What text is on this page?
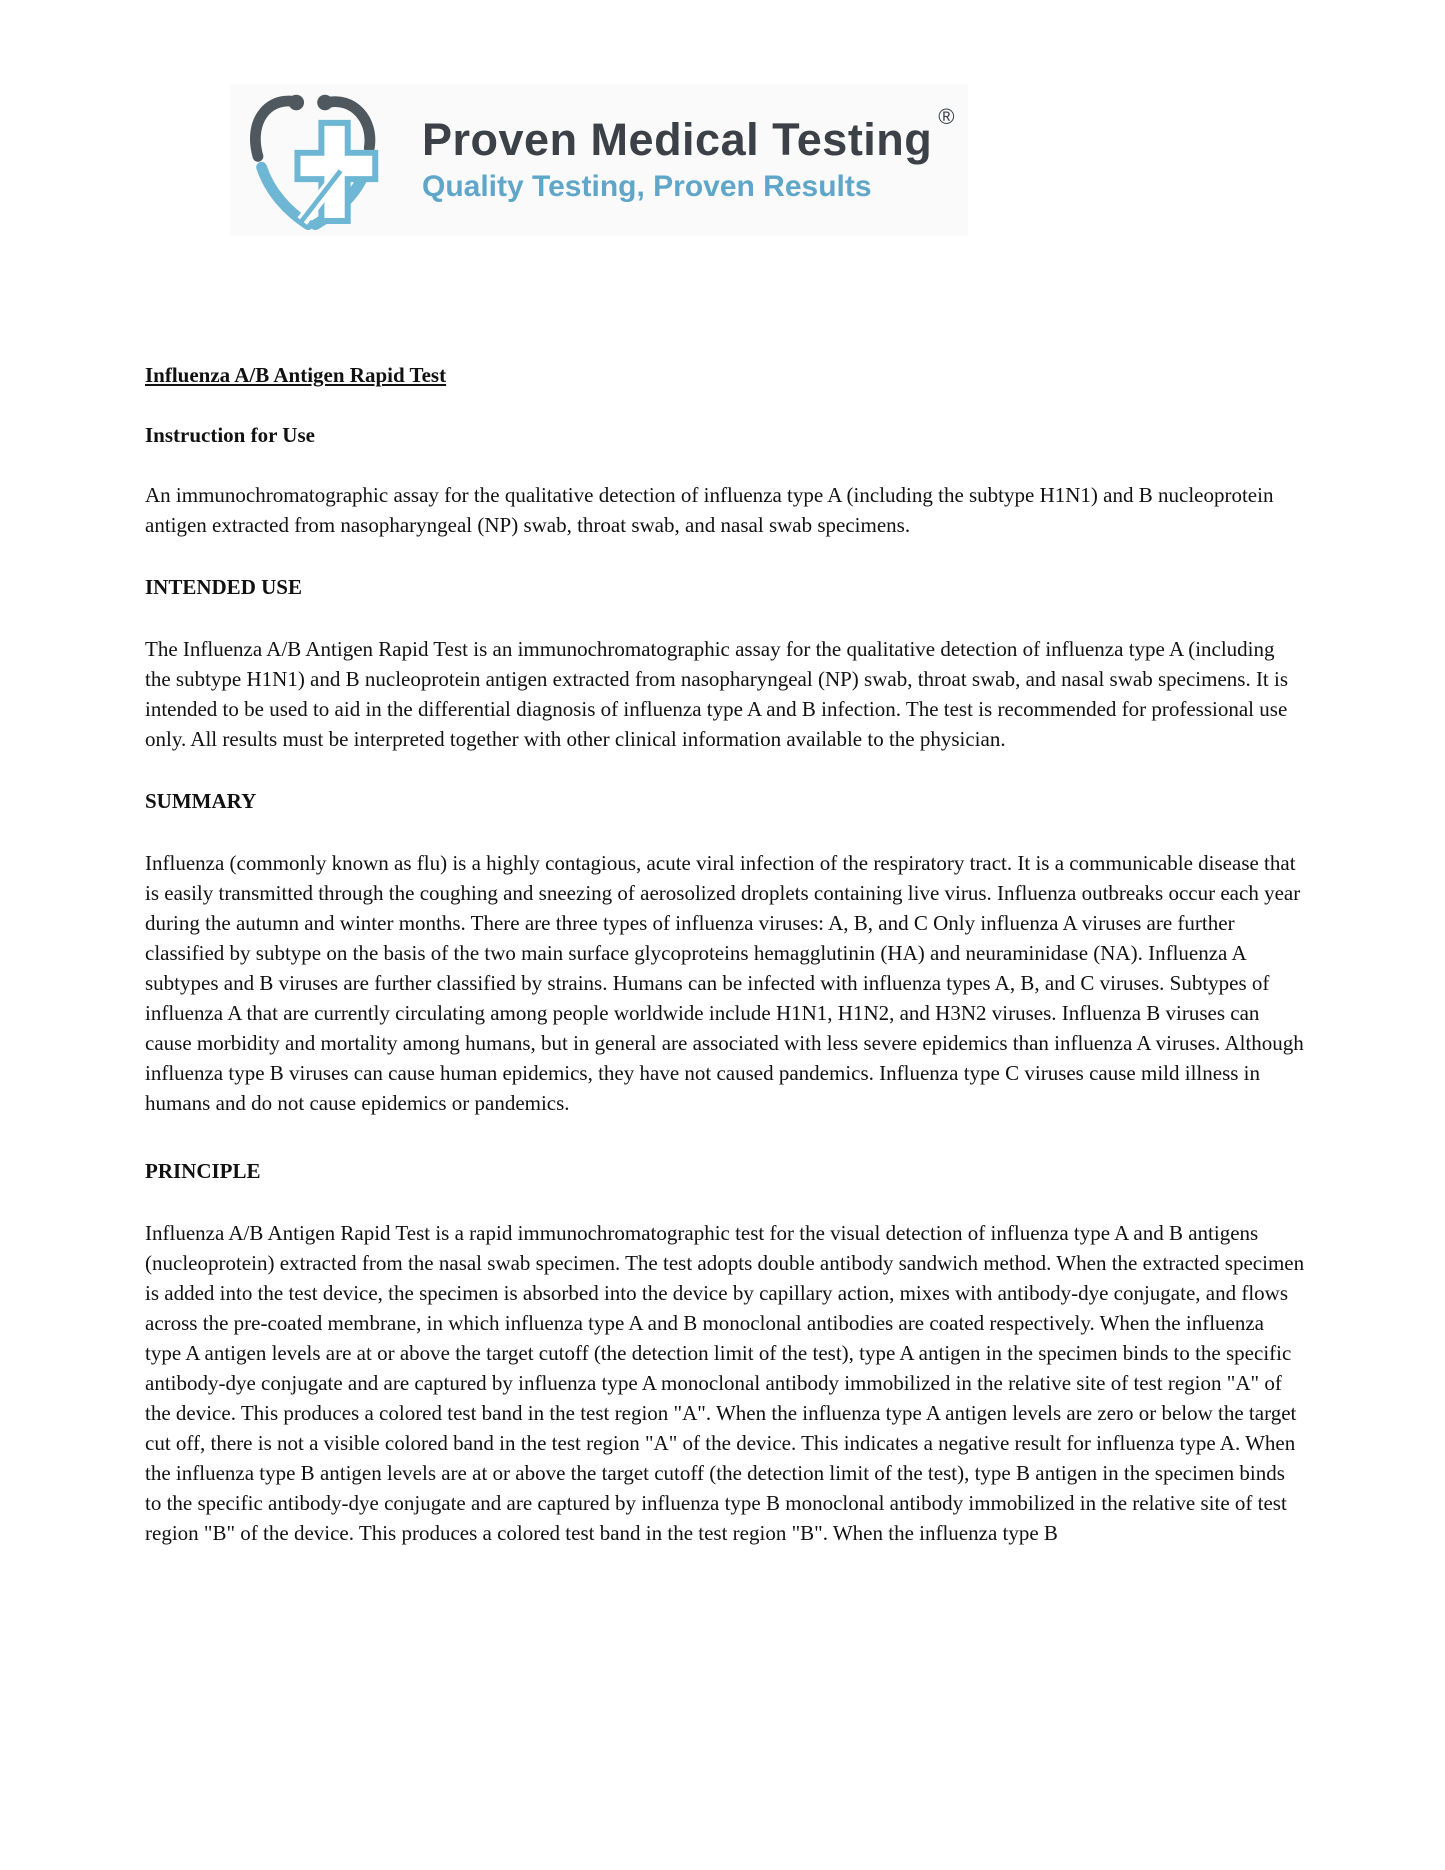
Proven Medical Testing ®
Quality Testing, Proven Results
Influenza A/B Antigen Rapid Test
Instruction for Use

An immunochromatographic assay for the qualitative detection of influenza type A (including the subtype H1N1) and B nucleoprotein antigen extracted from nasopharyngeal (NP) swab, throat swab, and nasal swab specimens.

INTENDED USE

The Influenza A/B Antigen Rapid Test is an immunochromatographic assay for the qualitative detection of influenza type A (including the subtype H1N1) and B nucleoprotein antigen extracted from nasopharyngeal (NP) swab, throat swab, and nasal swab specimens. It is intended to be used to aid in the differential diagnosis of influenza type A and B infection. The test is recommended for professional use only. All results must be interpreted together with other clinical information available to the physician.

SUMMARY

Influenza (commonly known as flu) is a highly contagious, acute viral infection of the respiratory tract. It is a communicable disease that is easily transmitted through the coughing and sneezing of aerosolized droplets containing live virus. Influenza outbreaks occur each year during the autumn and winter months. There are three types of influenza viruses: A, B, and C Only influenza A viruses are further classified by subtype on the basis of the two main surface glycoproteins hemagglutinin (HA) and neuraminidase (NA). Influenza A subtypes and B viruses are further classified by strains. Humans can be infected with influenza types A, B, and C viruses. Subtypes of influenza A that are currently circulating among people worldwide include H1N1, H1N2, and H3N2 viruses. Influenza B viruses can cause morbidity and mortality among humans, but in general are associated with less severe epidemics than influenza A viruses. Although influenza type B viruses can cause human epidemics, they have not caused pandemics. Influenza type C viruses cause mild illness in humans and do not cause epidemics or pandemics.

PRINCIPLE

Influenza A/B Antigen Rapid Test is a rapid immunochromatographic test for the visual detection of influenza type A and B antigens (nucleoprotein) extracted from the nasal swab specimen. The test adopts double antibody sandwich method. When the extracted specimen is added into the test device, the specimen is absorbed into the device by capillary action, mixes with antibody-dye conjugate, and flows across the pre-coated membrane, in which influenza type A and B monoclonal antibodies are coated respectively. When the influenza type A antigen levels are at or above the target cutoff (the detection limit of the test), type A antigen in the specimen binds to the specific antibody-dye conjugate and are captured by influenza type A monoclonal antibody immobilized in the relative site of test region "A" of the device. This produces a colored test band in the test region "A". When the influenza type A antigen levels are zero or below the target cut off, there is not a visible colored band in the test region "A" of the device. This indicates a negative result for influenza type A. When the influenza type B antigen levels are at or above the target cutoff (the detection limit of the test), type B antigen in the specimen binds to the specific antibody-dye conjugate and are captured by influenza type B monoclonal antibody immobilized in the relative site of test region "B" of the device. This produces a colored test band in the test region "B". When the influenza type B
